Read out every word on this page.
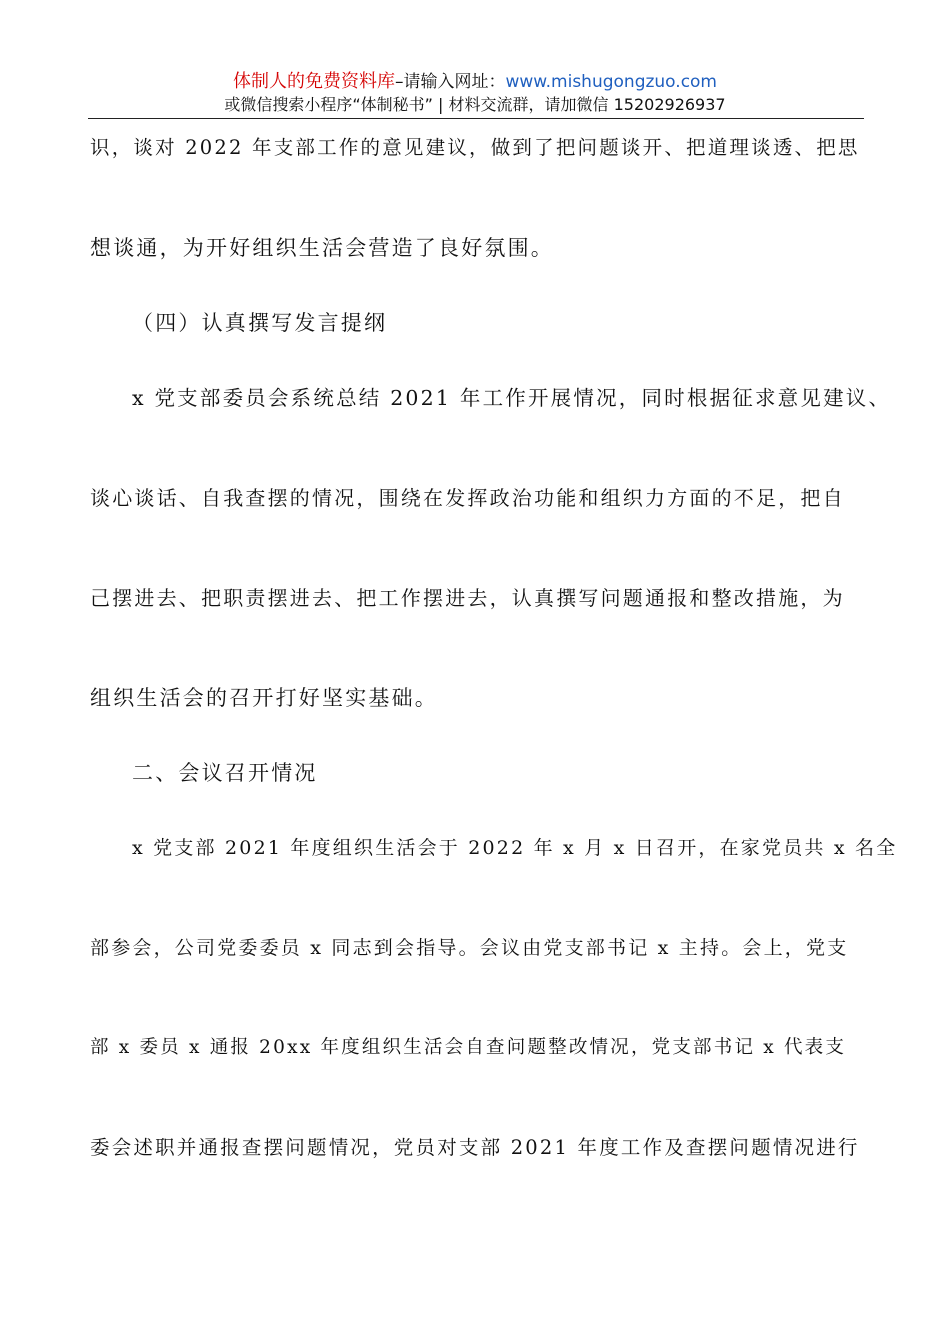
体制人的免费资料库–请输入网址：www.mishugongzuo.com
或微信搜索小程序“体制秘书” | 材料交流群，请加微信 15202926937
识，谈对 2022 年支部工作的意见建议，做到了把问题谈开、把道理谈透、把思
想谈通，为开好组织生活会营造了良好氛围。
（四）认真撰写发言提纲
x 党支部委员会系统总结 2021 年工作开展情况，同时根据征求意见建议、
谈心谈话、自我查摆的情况，围绕在发挥政治功能和组织力方面的不足，把自
己摆进去、把职责摆进去、把工作摆进去，认真撰写问题通报和整改措施，为
组织生活会的召开打好坚实基础。
二、会议召开情况
x 党支部 2021 年度组织生活会于 2022 年 x 月 x 日召开，在家党员共 x 名全
部参会，公司党委委员 x 同志到会指导。会议由党支部书记 x 主持。会上，党支
部 x 委员 x 通报 20xx 年度组织生活会自查问题整改情况，党支部书记 x 代表支
委会述职并通报查摆问题情况，党员对支部 2021 年度工作及查摆问题情况进行
